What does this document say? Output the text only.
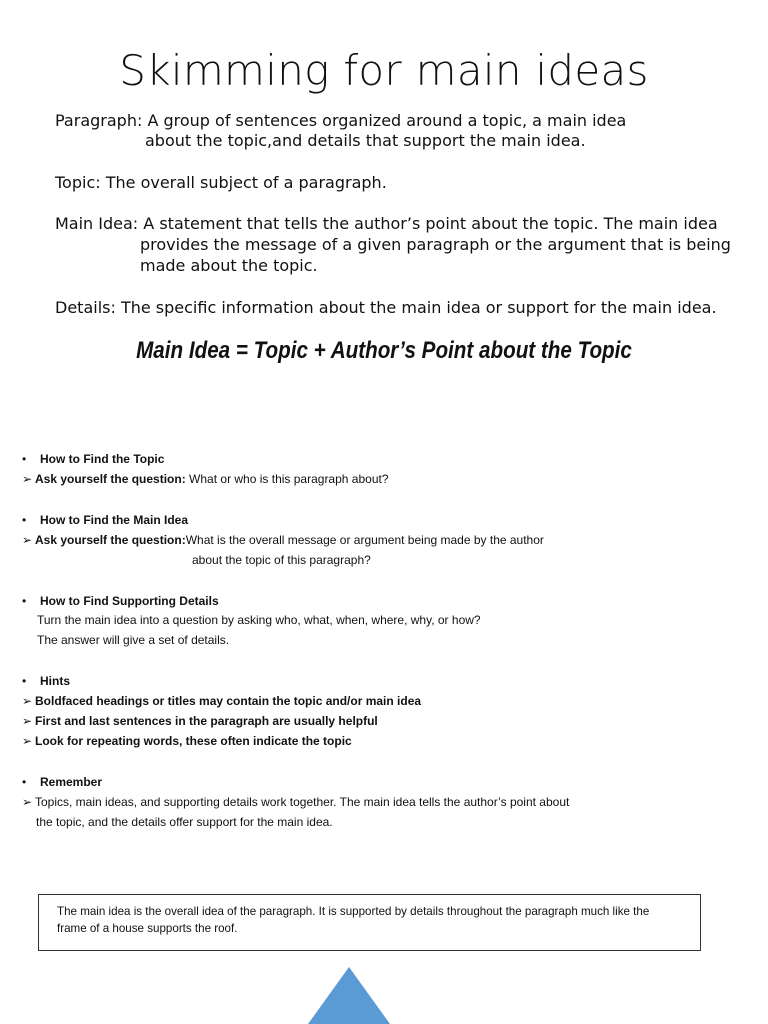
Skimming for main ideas
Paragraph: A group of sentences organized around a topic, a main idea
about the topic,and details that support the main idea.
Topic: The overall subject of a paragraph.
Main Idea: A statement that tells the author’s point about the topic. The main idea
provides the message of a given paragraph or the argument that is being
made about the topic.
Details: The specific information about the main idea or support for the main idea.
Main Idea = Topic + Author’s Point about the Topic
• How to Find the Topic
➢ Ask yourself the question: What or who is this paragraph about?
• How to Find the Main Idea
➢ Ask yourself the question:What is the overall message or argument being made by the author
about the topic of this paragraph?
• How to Find Supporting Details
Turn the main idea into a question by asking who, what, when, where, why, or how?
The answer will give a set of details.
• Hints
➢ Boldfaced headings or titles may contain the topic and/or main idea
➢ First and last sentences in the paragraph are usually helpful
➢ Look for repeating words, these often indicate the topic
• Remember
➢ Topics, main ideas, and supporting details work together. The main idea tells the author’s point about
the topic, and the details offer support for the main idea.
The main idea is the overall idea of the paragraph. It is supported by details throughout the paragraph much like the frame of a house supports the roof.
